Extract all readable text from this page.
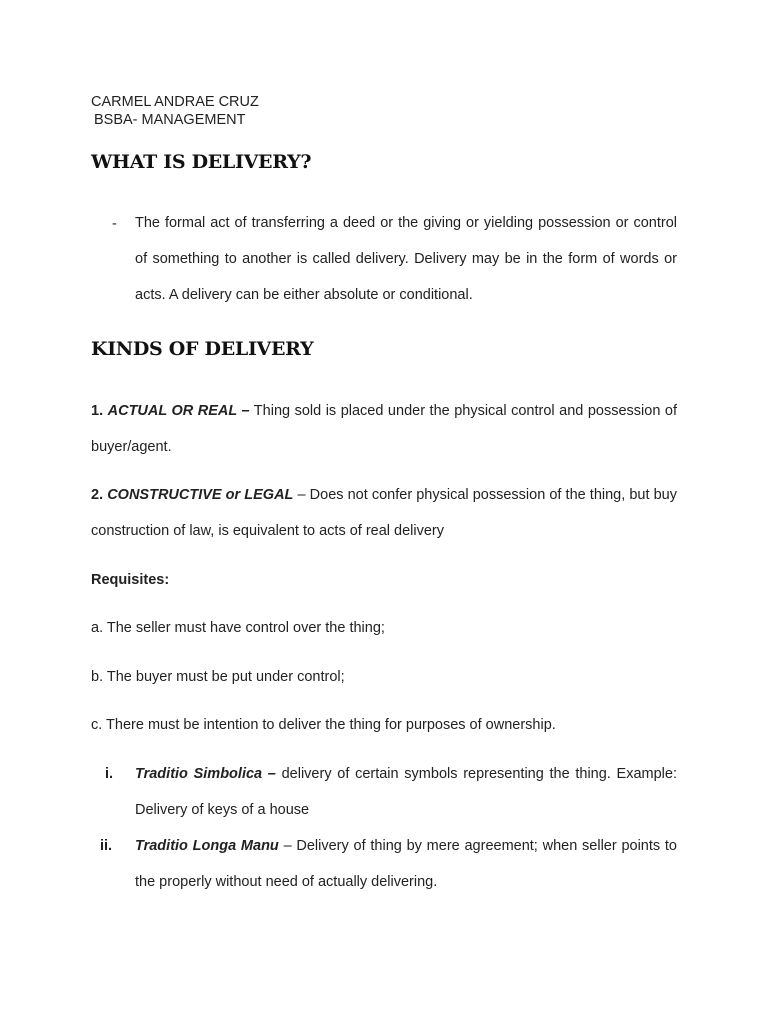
CARMEL ANDRAE CRUZ
BSBA- MANAGEMENT
WHAT IS DELIVERY?
- The formal act of transferring a deed or the giving or yielding possession or control of something to another is called delivery. Delivery may be in the form of words or acts. A delivery can be either absolute or conditional.
KINDS OF DELIVERY
1. ACTUAL OR REAL – Thing sold is placed under the physical control and possession of buyer/agent.
2. CONSTRUCTIVE or LEGAL – Does not confer physical possession of the thing, but buy construction of law, is equivalent to acts of real delivery
Requisites:
a. The seller must have control over the thing;
b. The buyer must be put under control;
c. There must be intention to deliver the thing for purposes of ownership.
i. Traditio Simbolica – delivery of certain symbols representing the thing. Example: Delivery of keys of a house
ii. Traditio Longa Manu – Delivery of thing by mere agreement; when seller points to the properly without need of actually delivering.
